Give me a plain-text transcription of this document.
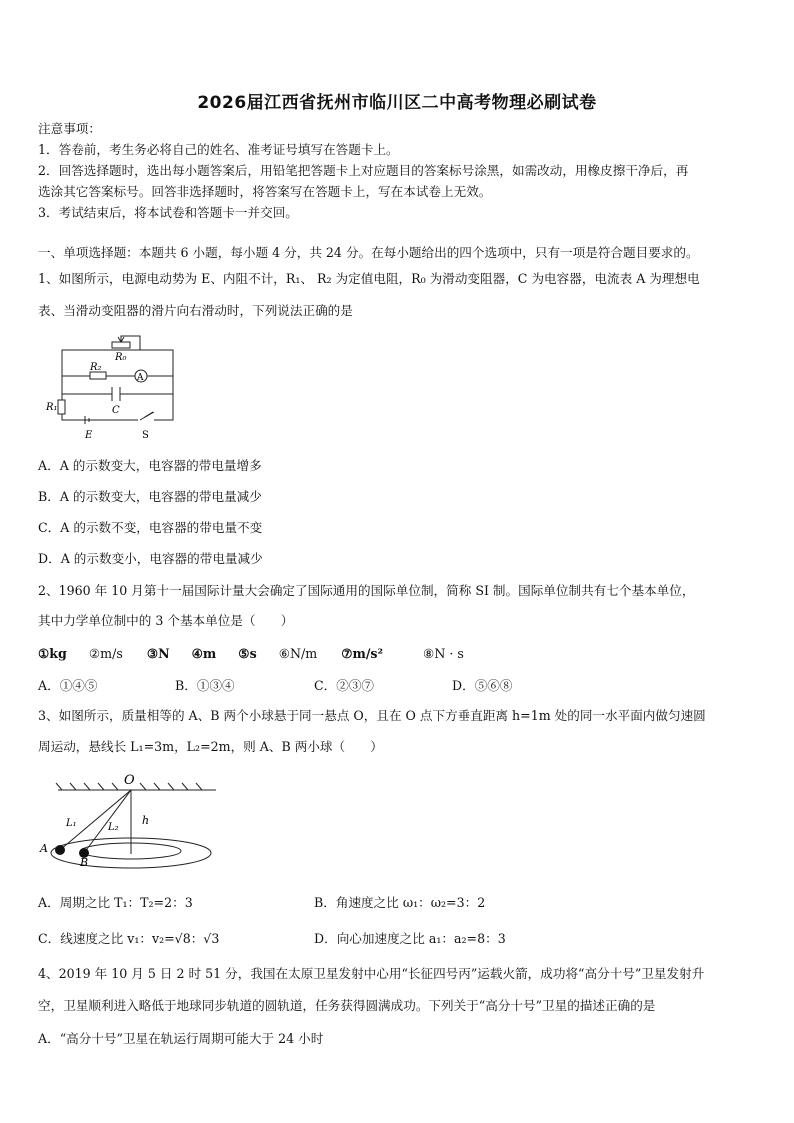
2026届江西省抚州市临川区二中高考物理必刷试卷
注意事项：
1．答卷前，考生务必将自己的姓名、准考证号填写在答题卡上。
2．回答选择题时，选出每小题答案后，用铅笔把答题卡上对应题目的答案标号涂黑，如需改动，用橡皮擦干净后，再
选涂其它答案标号。回答非选择题时，将答案写在答题卡上，写在本试卷上无效。
3．考试结束后，将本试卷和答题卡一并交回。
一、单项选择题：本题共 6 小题，每小题 4 分，共 24 分。在每小题给出的四个选项中，只有一项是符合题目要求的。
1、如图所示，电源电动势为 E、内阻不计，R₁、 R₂ 为定值电阻，R₀ 为滑动变阻器，C 为电容器，电流表 A 为理想电
表、当滑动变阻器的滑片向右滑动时，下列说法正确的是
R₀
R₂
A
C
R₁
E	S
A．A 的示数变大，电容器的带电量增多
B．A 的示数变大，电容器的带电量减少
C．A 的示数不变，电容器的带电量不变
D．A 的示数变小，电容器的带电量减少
2、1960 年 10 月第十一届国际计量大会确定了国际通用的国际单位制，简称 SI 制。国际单位制共有七个基本单位，
其中力学单位制中的 3 个基本单位是（　　）
①kg ②m/s ③N ④m ⑤s ⑥N/m ⑦m/s²	⑧N · s
A．①④⑤	B．①③④	C．②③⑦	D．⑤⑥⑧
3、如图所示，质量相等的 A、B 两个小球悬于同一悬点 O，且在 O 点下方垂直距离 h=1m 处的同一水平面内做匀速圆
周运动，悬线长 L₁=3m，L₂=2m，则 A、B 两小球（　　）
O
L₁	L₂
h
A
B
A．周期之比 T₁：T₂=2：3	B．角速度之比 ω₁：ω₂=3：2
C．线速度之比 v₁：v₂=√8：√3	D．向心加速度之比 a₁：a₂=8：3
4、2019 年 10 月 5 日 2 时 51 分，我国在太原卫星发射中心用“长征四号丙”运载火箭，成功将“高分十号”卫星发射升
空，卫星顺利进入略低于地球同步轨道的圆轨道，任务获得圆满成功。下列关于“高分十号”卫星的描述正确的是
A．“高分十号”卫星在轨运行周期可能大于 24 小时
